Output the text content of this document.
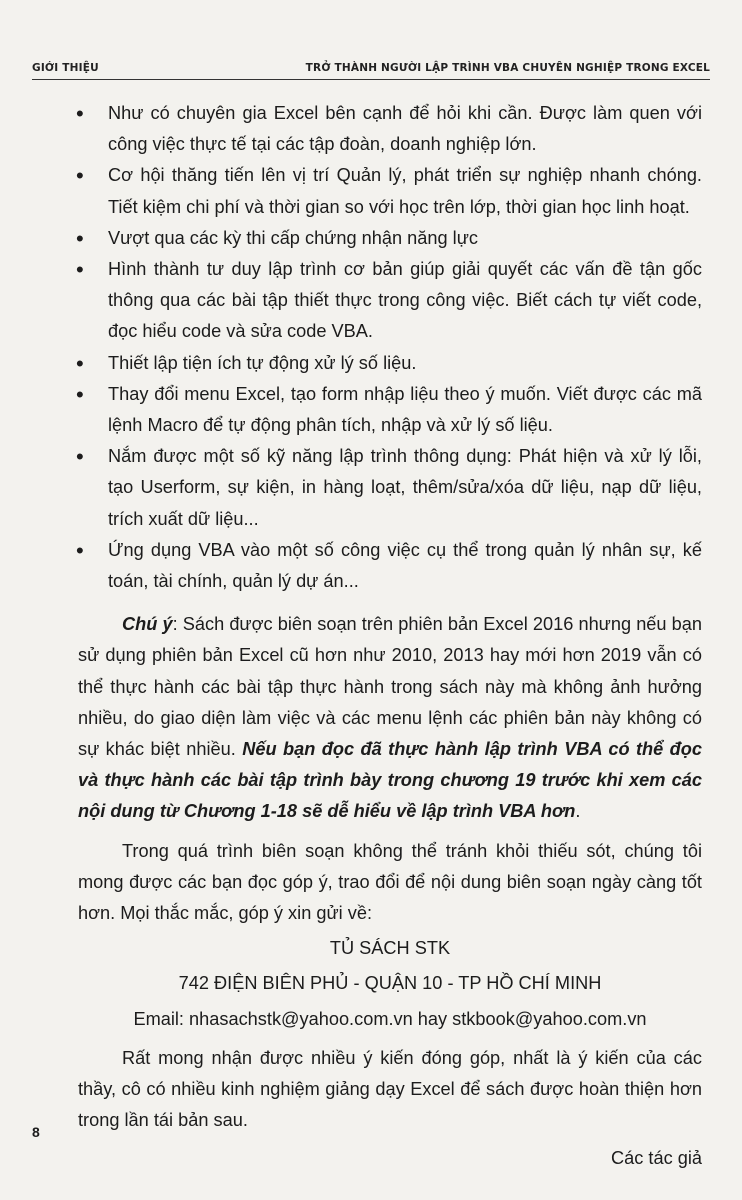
GIỚI THIỆU	TRỞ THÀNH NGƯỜI LẬP TRÌNH VBA CHUYÊN NGHIỆP TRONG EXCEL
• Như có chuyên gia Excel bên cạnh để hỏi khi cần. Được làm quen với công việc thực tế tại các tập đoàn, doanh nghiệp lớn.
• Cơ hội thăng tiến lên vị trí Quản lý, phát triển sự nghiệp nhanh chóng. Tiết kiệm chi phí và thời gian so với học trên lớp, thời gian học linh hoạt.
• Vượt qua các kỳ thi cấp chứng nhận năng lực
• Hình thành tư duy lập trình cơ bản giúp giải quyết các vấn đề tận gốc thông qua các bài tập thiết thực trong công việc. Biết cách tự viết code, đọc hiểu code và sửa code VBA.
• Thiết lập tiện ích tự động xử lý số liệu.
• Thay đổi menu Excel, tạo form nhập liệu theo ý muốn. Viết được các mã lệnh Macro để tự động phân tích, nhập và xử lý số liệu.
• Nắm được một số kỹ năng lập trình thông dụng: Phát hiện và xử lý lỗi, tạo Userform, sự kiện, in hàng loạt, thêm/sửa/xóa dữ liệu, nạp dữ liệu, trích xuất dữ liệu...
• Ứng dụng VBA vào một số công việc cụ thể trong quản lý nhân sự, kế toán, tài chính, quản lý dự án...

Chú ý: Sách được biên soạn trên phiên bản Excel 2016 nhưng nếu bạn sử dụng phiên bản Excel cũ hơn như 2010, 2013 hay mới hơn 2019 vẫn có thể thực hành các bài tập thực hành trong sách này mà không ảnh hưởng nhiều, do giao diện làm việc và các menu lệnh các phiên bản này không có sự khác biệt nhiều. Nếu bạn đọc đã thực hành lập trình VBA có thể đọc và thực hành các bài tập trình bày trong chương 19 trước khi xem các nội dung từ Chương 1-18 sẽ dễ hiểu về lập trình VBA hơn.

Trong quá trình biên soạn không thể tránh khỏi thiếu sót, chúng tôi mong được các bạn đọc góp ý, trao đổi để nội dung biên soạn ngày càng tốt hơn. Mọi thắc mắc, góp ý xin gửi về:

TỦ SÁCH STK

742 ĐIỆN BIÊN PHỦ - QUẬN 10 - TP HỒ CHÍ MINH

Email: nhasachstk@yahoo.com.vn hay stkbook@yahoo.com.vn

Rất mong nhận được nhiều ý kiến đóng góp, nhất là ý kiến của các thầy, cô có nhiều kinh nghiệm giảng dạy Excel để sách được hoàn thiện hơn trong lần tái bản sau.

Các tác giả

8
